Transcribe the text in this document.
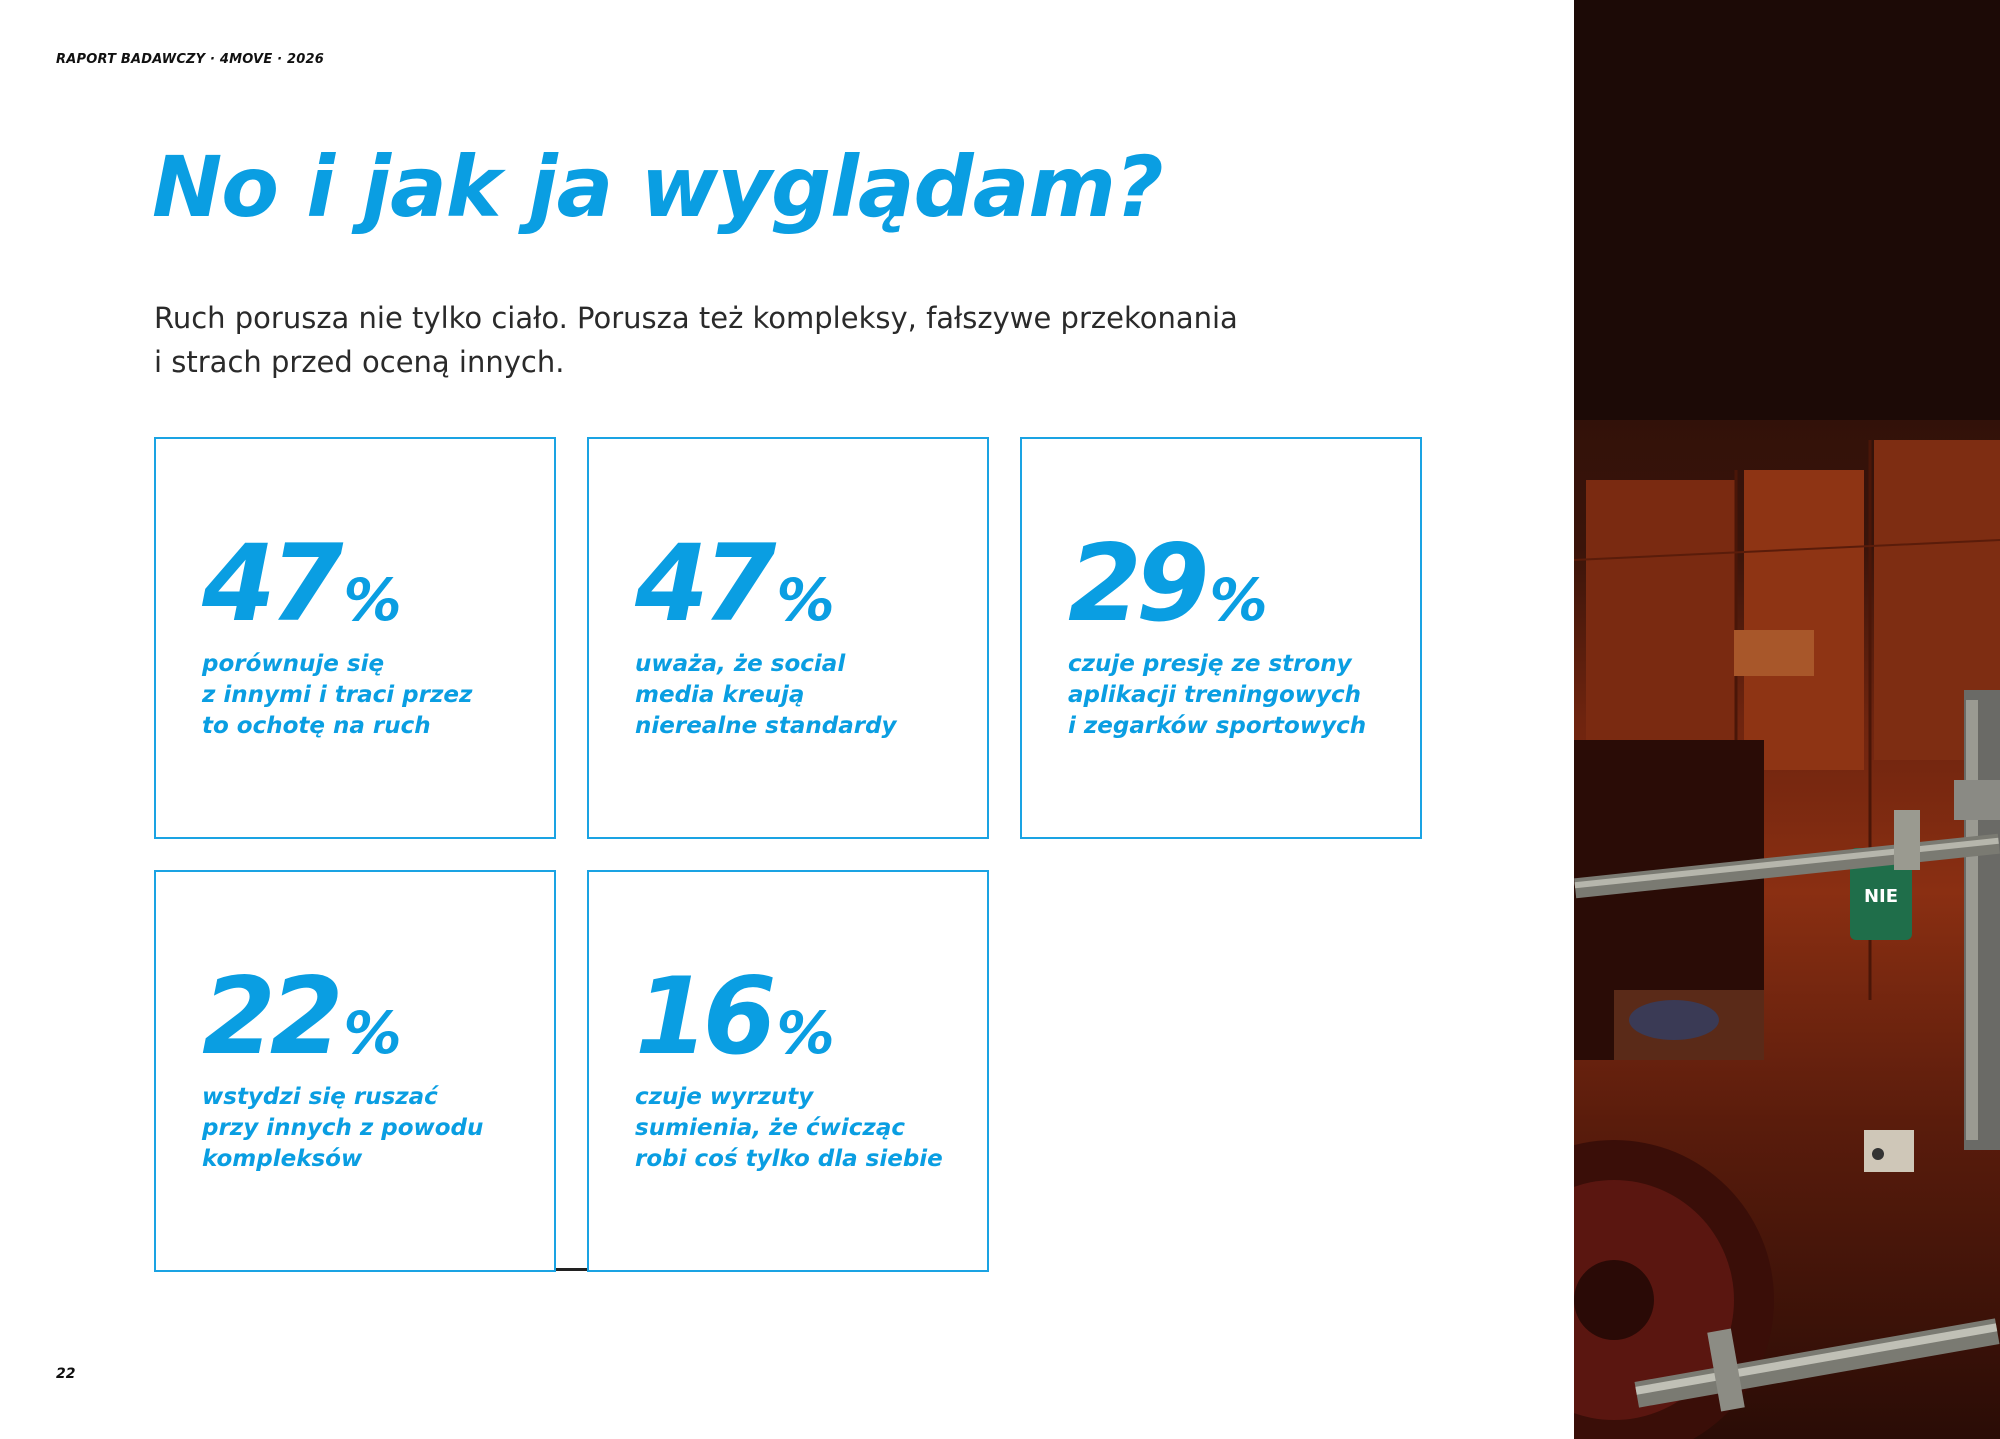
RAPORT BADAWCZY · 4MOVE · 2026
No i jak ja wyglądam?

Ruch porusza nie tylko ciało. Porusza też kompleksy, fałszywe przekonania
i strach przed oceną innych.

47 %
porównuje się
z innymi i traci przez
to ochotę na ruch
47 %
uważa, że social
media kreują
nierealne standardy
29 %
czuje presję ze strony
aplikacji treningowych
i zegarków sportowych
22 %
wstydzi się ruszać
przy innych z powodu
kompleksów
16 %
czuje wyrzuty
sumienia, że ćwicząc
robi coś tylko dla siebie
22
NIE
